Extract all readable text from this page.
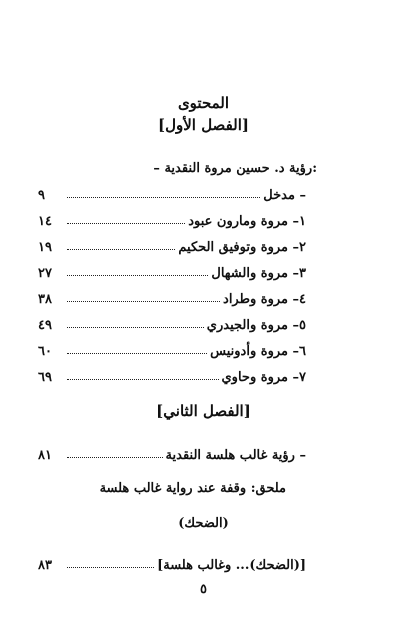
المحتوى
[الفصل الأول]
– رؤية د. حسين مروة النقدية:
– مدخل
٩
١– مروة ومارون عبود
١٤
٢– مروة وتوفيق الحكيم
١٩
٣– مروة والشهال
٢٧
٤– مروة وطراد
٣٨
٥– مروة والجيدري
٤٩
٦– مروة وأدونيس
٦٠
٧– مروة وحاوي
٦٩
[الفصل الثاني]
– رؤية غالب هلسة النقدية
٨١
ملحق: وقفة عند رواية غالب هلسة
(الضحك)
[(الضحك)... وغالب هلسة]
٨٣
٥
